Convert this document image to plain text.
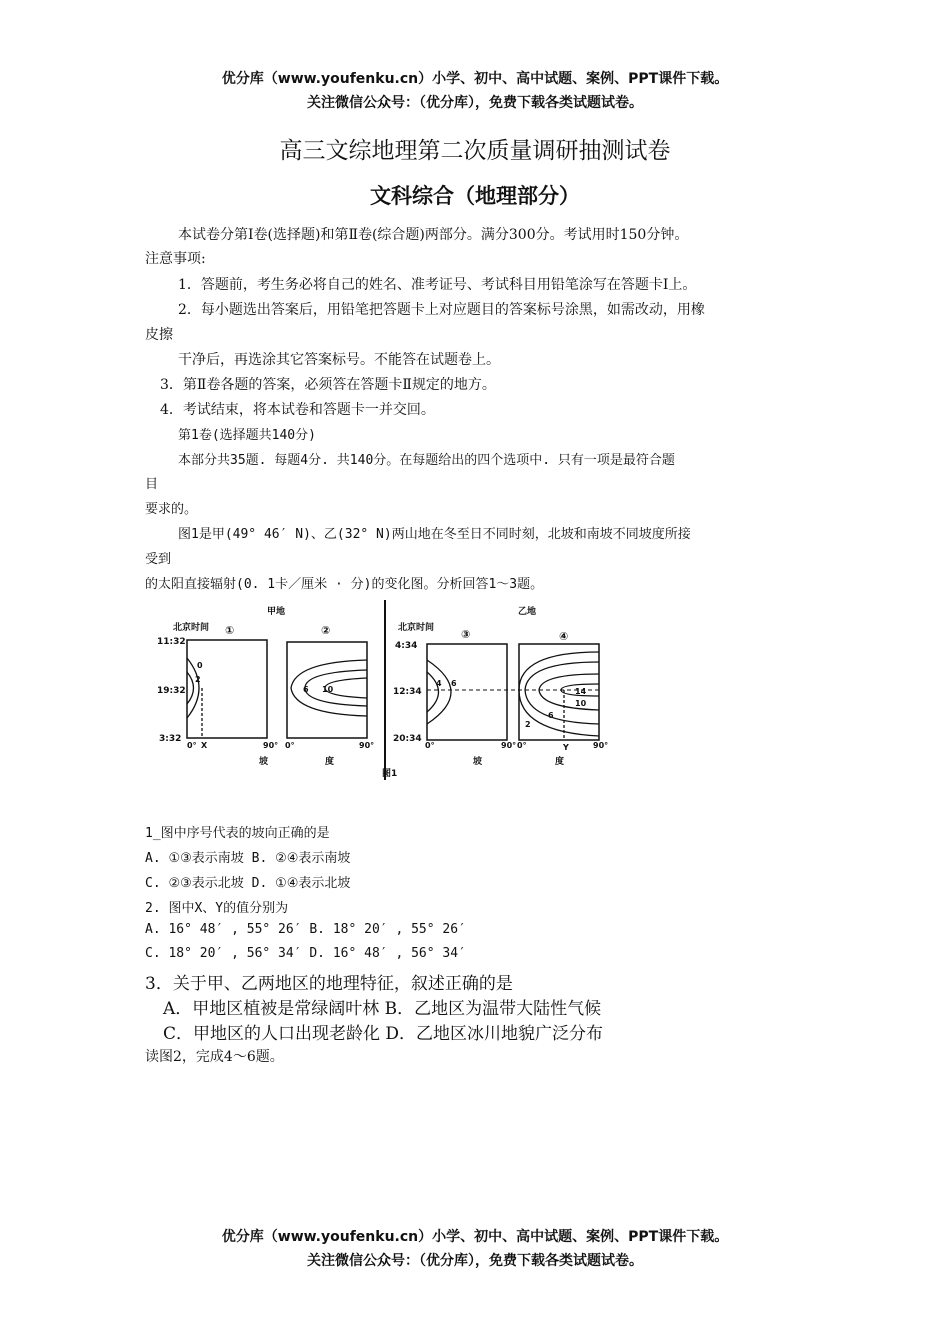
优分库（www.youfenku.cn）小学、初中、高中试题、案例、PPT课件下载。
关注微信公众号：（优分库），免费下载各类试题试卷。
高三文综地理第二次质量调研抽测试卷
文科综合（地理部分）
本试卷分第I卷(选择题)和第Ⅱ卷(综合题)两部分。满分300分。考试用时150分钟。
注意事项:
1．答题前，考生务必将自己的姓名、准考证号、考试科目用铅笔涂写在答题卡I上。
2．每小题选出答案后，用铅笔把答题卡上对应题目的答案标号涂黑，如需改动，用橡
皮擦
干净后，再选涂其它答案标号。不能答在试题卷上。
3．第Ⅱ卷各题的答案，必须答在答题卡Ⅱ规定的地方。
4．考试结束，将本试卷和答题卡一并交回。
第1卷(选择题共140分)
本部分共35题. 每题4分. 共140分。在每题给出的四个选项中. 只有一项是最符合题
目
要求的。
图1是甲(49° 46′ N)、乙(32° N)两山地在冬至日不同时刻，北坡和南坡不同坡度所接
受到
的太阳直接辐射(0. 1卡／厘米 · 分)的变化图。分析回答1～3题。
甲地	乙地
北京时间	北京时间
①	②	③	④
11:32
19:32
3:32
4:34
12:34
20:34
0
2
6 10
4 6
14
10
6
2
0° X	90° 0°	90°	0°	90° 0°	Y	90°
坡	度	坡	度
图1
1_图中序号代表的坡向正确的是
A. ①③表示南坡 B. ②④表示南坡
C. ②③表示北坡 D. ①④表示北坡
2. 图中X、Y的值分别为
A. 16° 48′ , 55° 26′ B. 18° 20′ , 55° 26′
C. 18° 20′ , 56° 34′ D. 16° 48′ , 56° 34′
3．关于甲、乙两地区的地理特征，叙述正确的是
A．甲地区植被是常绿阔叶林 B．乙地区为温带大陆性气候
C．甲地区的人口出现老龄化 D．乙地区冰川地貌广泛分布
读图2，完成4～6题。
优分库（www.youfenku.cn）小学、初中、高中试题、案例、PPT课件下载。
关注微信公众号：（优分库），免费下载各类试题试卷。
